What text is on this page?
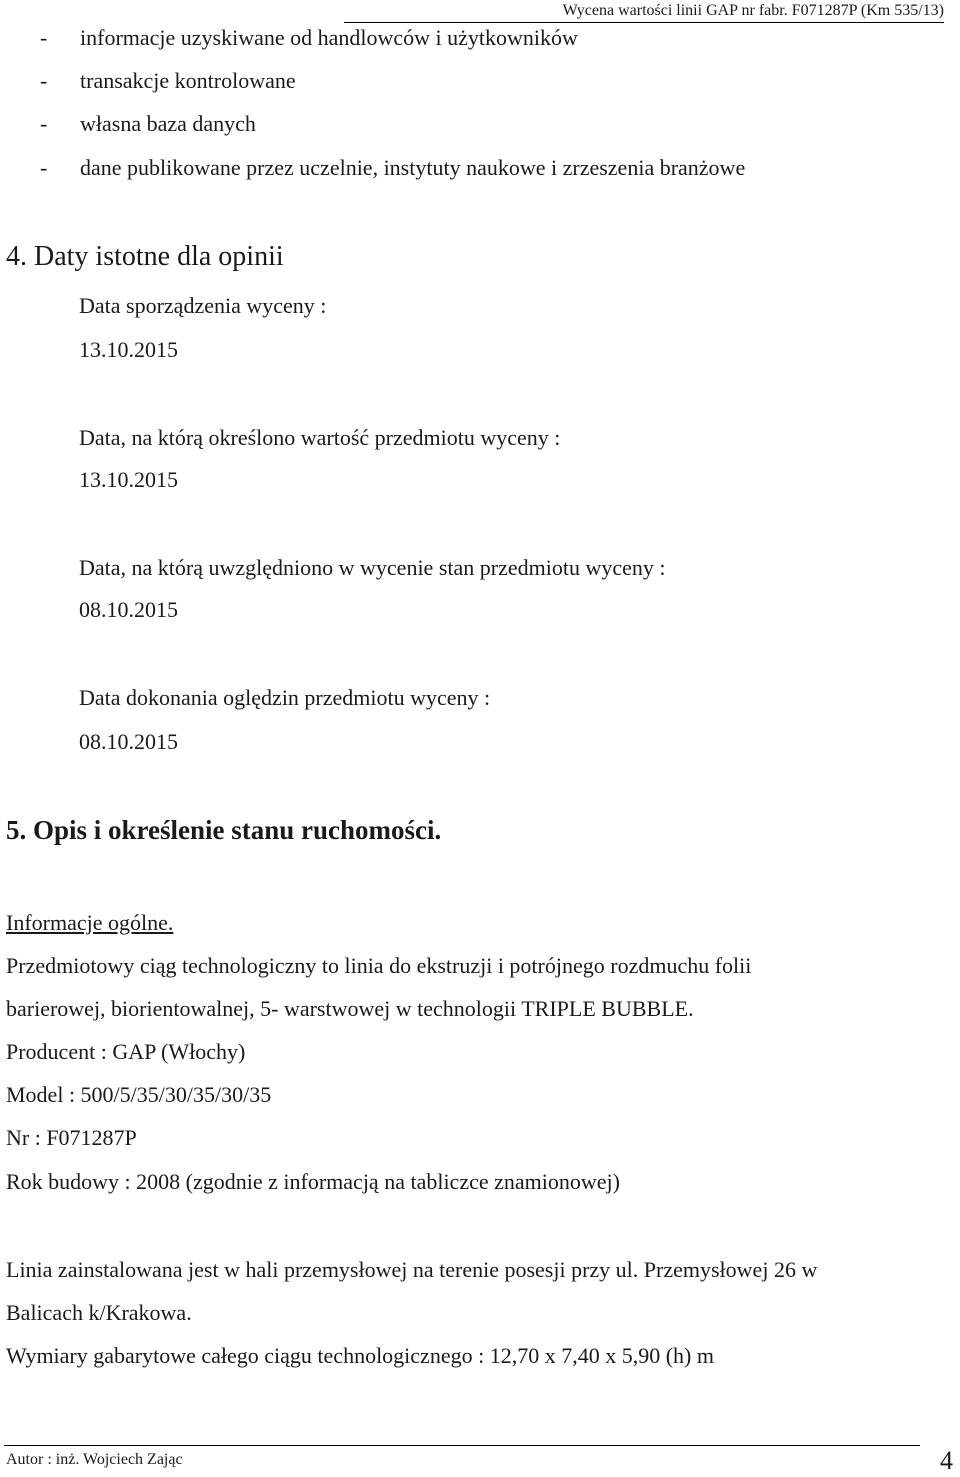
Wycena wartości linii GAP nr fabr. F071287P (Km 535/13)
- informacje uzyskiwane od handlowców i użytkowników
- transakcje kontrolowane
- własna baza danych
- dane publikowane przez uczelnie, instytuty naukowe i zrzeszenia branżowe
4. Daty istotne dla opinii
Data sporządzenia wyceny :
13.10.2015
Data, na którą określono wartość przedmiotu wyceny :
13.10.2015
Data, na którą uwzględniono w wycenie stan przedmiotu wyceny :
08.10.2015
Data dokonania oględzin przedmiotu wyceny :
08.10.2015
5. Opis i określenie stanu ruchomości.
Informacje ogólne.
Przedmiotowy ciąg technologiczny to linia do ekstruzji i potrójnego rozdmuchu folii
barierowej, biorientowalnej, 5- warstwowej w technologii TRIPLE BUBBLE.
Producent : GAP (Włochy)
Model : 500/5/35/30/35/30/35
Nr : F071287P
Rok budowy : 2008 (zgodnie z informacją na tabliczce znamionowej)
Linia zainstalowana jest w hali przemysłowej na terenie posesji przy ul. Przemysłowej 26 w
Balicach k/Krakowa.
Wymiary gabarytowe całego ciągu technologicznego : 12,70 x 7,40 x 5,90 (h) m
Autor : inż. Wojciech Zając	4
